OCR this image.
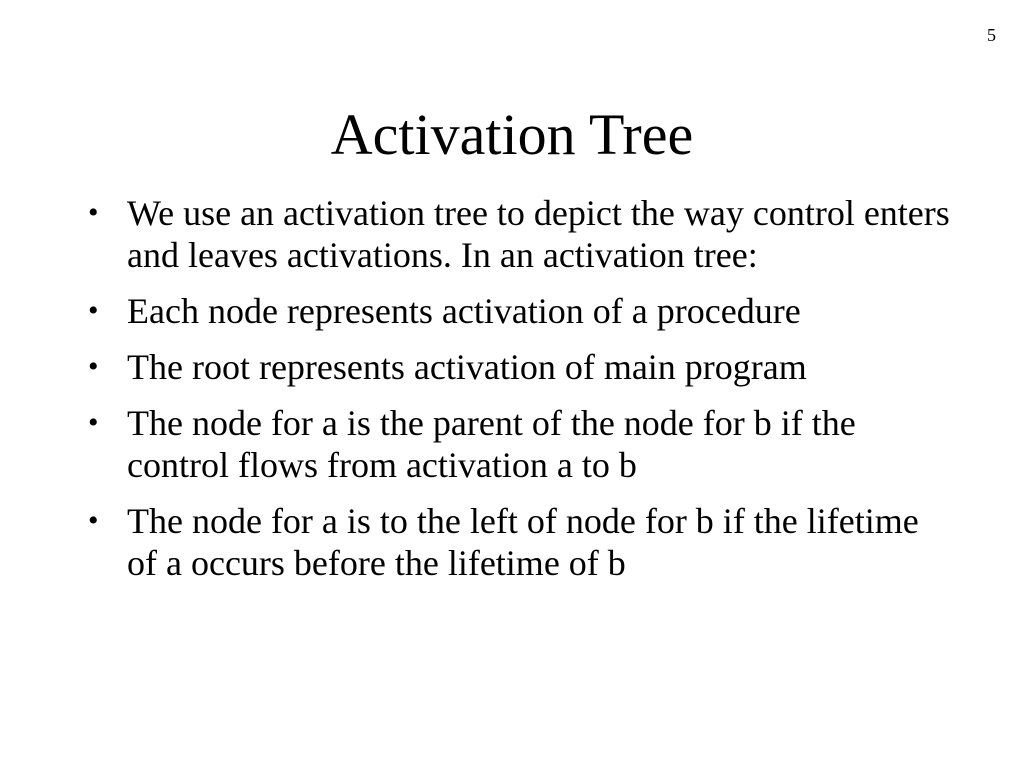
5
Activation Tree
• We use an activation tree to depict the way control enters and leaves activations. In an activation tree:
• Each node represents activation of a procedure
• The root represents activation of main program
• The node for a is the parent of the node for b if the control flows from activation a to b
• The node for a is to the left of node for b if the lifetime of a occurs before the lifetime of b
